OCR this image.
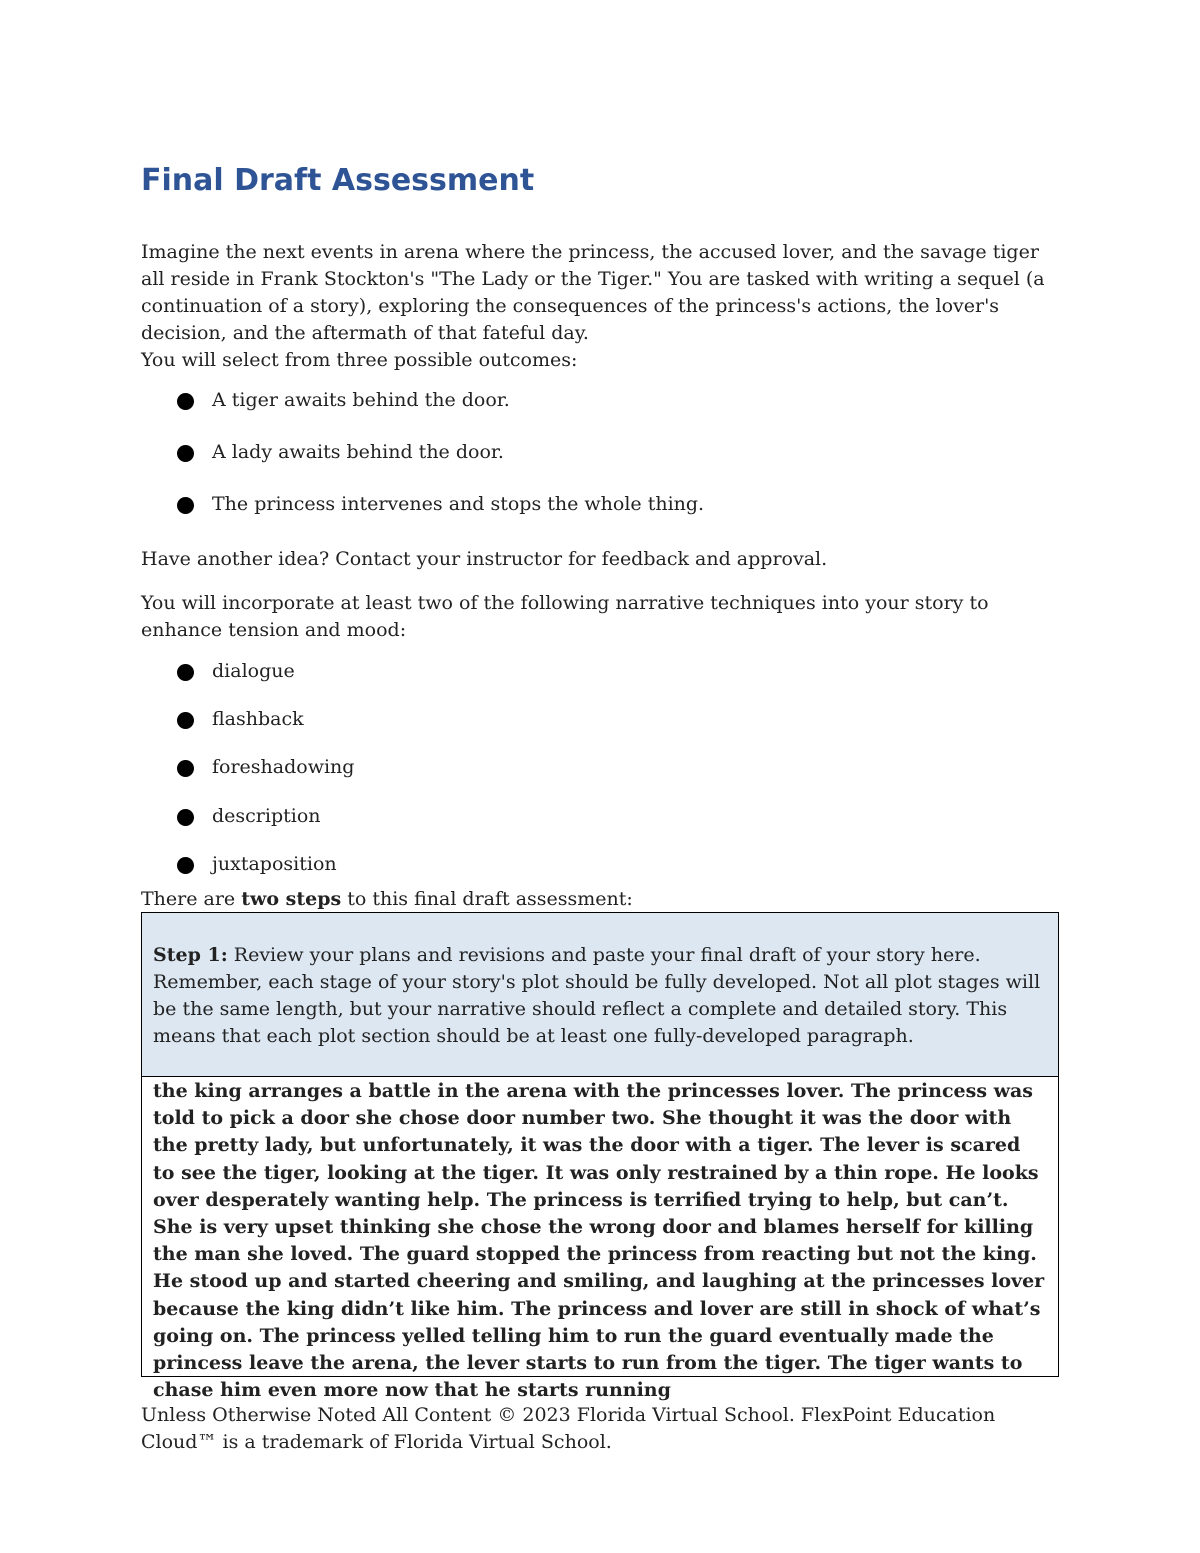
Final Draft Assessment

Imagine the next events in arena where the princess, the accused lover, and the savage tiger all reside in Frank Stockton's "The Lady or the Tiger." You are tasked with writing a sequel (a continuation of a story), exploring the consequences of the princess's actions, the lover's decision, and the aftermath of that fateful day.

You will select from three possible outcomes:

A tiger awaits behind the door.
A lady awaits behind the door.
The princess intervenes and stops the whole thing.

Have another idea? Contact your instructor for feedback and approval.

You will incorporate at least two of the following narrative techniques into your story to enhance tension and mood:

dialogue
flashback
foreshadowing
description
juxtaposition

There are two steps to this final draft assessment:

Step 1: Review your plans and revisions and paste your final draft of your story here. Remember, each stage of your story's plot should be fully developed. Not all plot stages will be the same length, but your narrative should reflect a complete and detailed story. This means that each plot section should be at least one fully-developed paragraph.
the king arranges a battle in the arena with the princesses lover. The princess was told to pick a door she chose door number two. She thought it was the door with the pretty lady, but unfortunately, it was the door with a tiger. The lever is scared to see the tiger, looking at the tiger. It was only restrained by a thin rope. He looks over desperately wanting help. The princess is terrified trying to help, but can’t. She is very upset thinking she chose the wrong door and blames herself for killing the man she loved. The guard stopped the princess from reacting but not the king. He stood up and started cheering and smiling, and laughing at the princesses lover because the king didn’t like him. The princess and lover are still in shock of what’s going on. The princess yelled telling him to run the guard eventually made the princess leave the arena, the lever starts to run from the tiger. The tiger wants to chase him even more now that he starts running

Unless Otherwise Noted All Content © 2023 Florida Virtual School. FlexPoint Education Cloud™ is a trademark of Florida Virtual School.
